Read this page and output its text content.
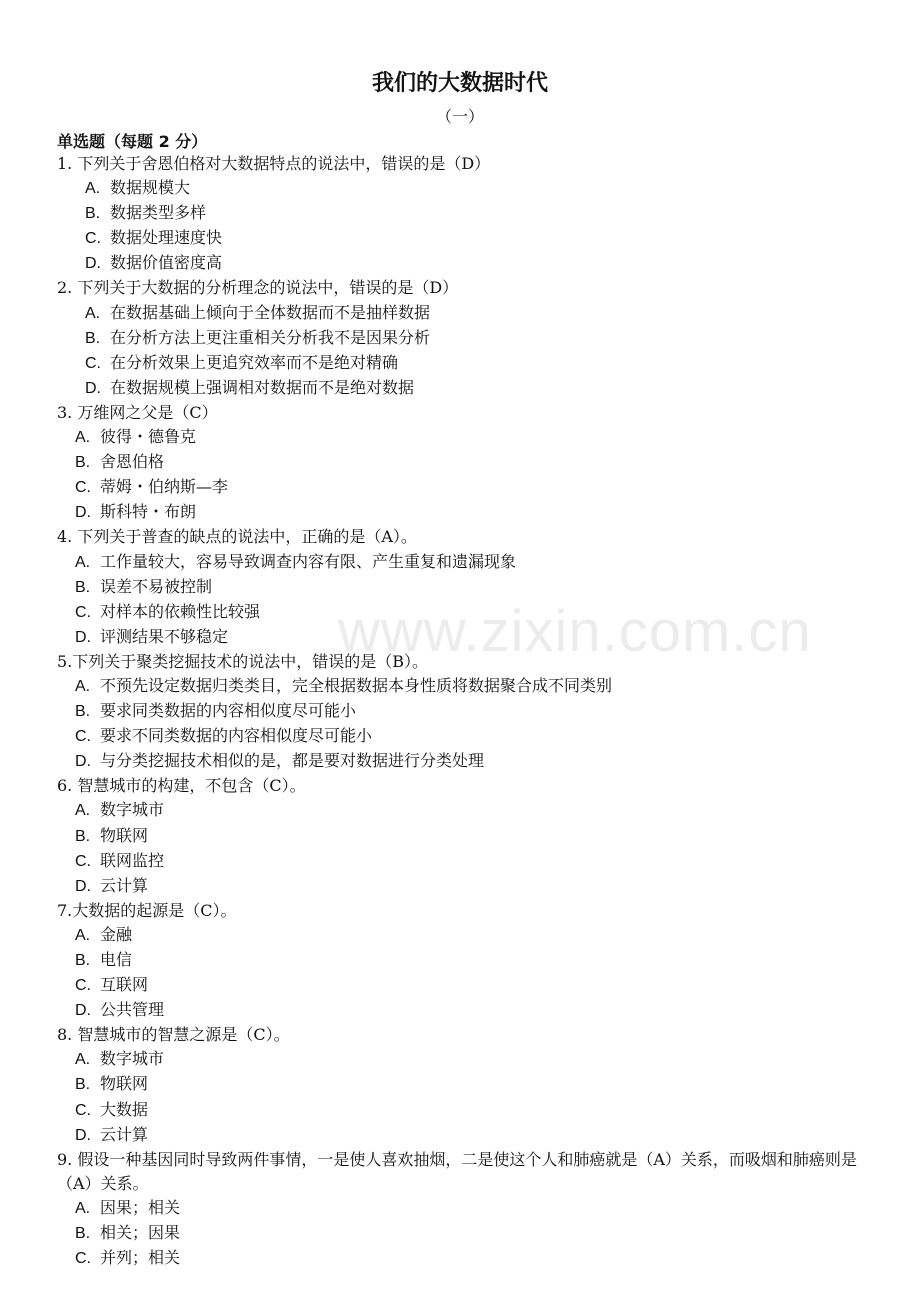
我们的大数据时代
（一）
单选题（每题 2 分）
www.zixin.com.cn
1. 下列关于舍恩伯格对大数据特点的说法中，错误的是（D）
A. 数据规模大
B. 数据类型多样
C. 数据处理速度快
D. 数据价值密度高
2. 下列关于大数据的分析理念的说法中，错误的是（D）
A. 在数据基础上倾向于全体数据而不是抽样数据
B. 在分析方法上更注重相关分析我不是因果分析
C. 在分析效果上更追究效率而不是绝对精确
D. 在数据规模上强调相对数据而不是绝对数据
3. 万维网之父是（C）
A. 彼得・德鲁克
B. 舍恩伯格
C. 蒂姆・伯纳斯—李
D. 斯科特・布朗
4. 下列关于普查的缺点的说法中，正确的是（A）。
A. 工作量较大，容易导致调查内容有限、产生重复和遗漏现象
B. 误差不易被控制
C. 对样本的依赖性比较强
D. 评测结果不够稳定
5.下列关于聚类挖掘技术的说法中，错误的是（B）。
A. 不预先设定数据归类类目，完全根据数据本身性质将数据聚合成不同类别
B. 要求同类数据的内容相似度尽可能小
C. 要求不同类数据的内容相似度尽可能小
D. 与分类挖掘技术相似的是，都是要对数据进行分类处理
6. 智慧城市的构建，不包含（C）。
A. 数字城市
B. 物联网
C. 联网监控
D. 云计算
7.大数据的起源是（C）。
A. 金融
B. 电信
C. 互联网
D. 公共管理
8. 智慧城市的智慧之源是（C）。
A. 数字城市
B. 物联网
C. 大数据
D. 云计算
9. 假设一种基因同时导致两件事情，一是使人喜欢抽烟，二是使这个人和肺癌就是（A）关系，而吸烟和肺癌则是（A）关系。
A. 因果；相关
B. 相关；因果
C. 并列；相关
